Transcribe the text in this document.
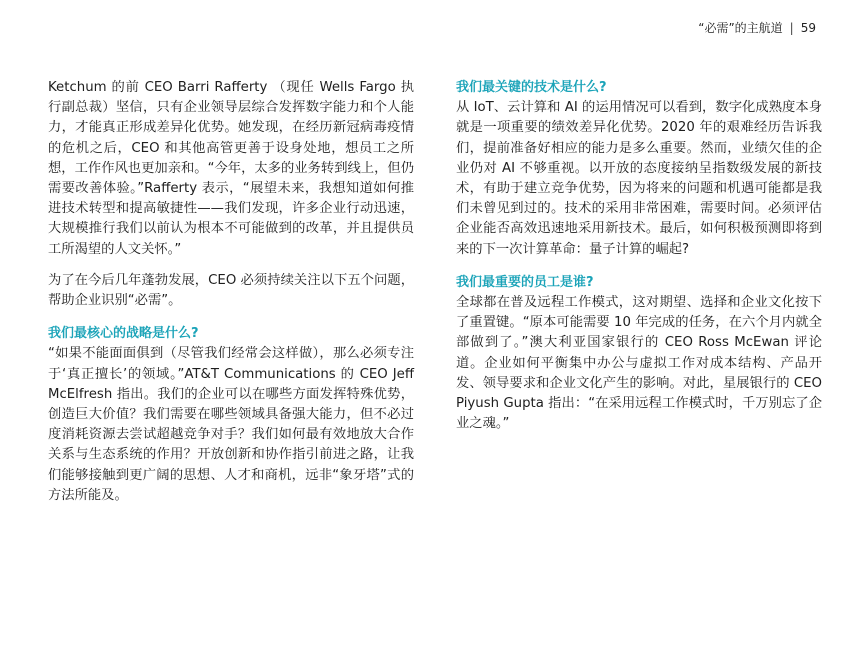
“必需”的主航道 | 59

Ketchum 的前 CEO Barri Rafferty （现任 Wells Fargo 执行副总裁）坚信，只有企业领导层综合发挥数字能力和个人能力，才能真正形成差异化优势。她发现，在经历新冠病毒疫情的危机之后，CEO 和其他高管更善于设身处地，想员工之所想，工作作风也更加亲和。“今年，太多的业务转到线上，但仍需要改善体验。”Rafferty 表示，“展望未来，我想知道如何推进技术转型和提高敏捷性——我们发现，许多企业行动迅速，大规模推行我们以前认为根本不可能做到的改革，并且提供员工所渴望的人文关怀。”

为了在今后几年蓬勃发展，CEO 必须持续关注以下五个问题，帮助企业识别“必需”。

我们最核心的战略是什么?

“如果不能面面俱到（尽管我们经常会这样做），那么必须专注于‘真正擅长’的领域。”AT&T Communications 的 CEO Jeff McElfresh 指出。我们的企业可以在哪些方面发挥特殊优势，创造巨大价值？我们需要在哪些领域具备强大能力，但不必过度消耗资源去尝试超越竞争对手？我们如何最有效地放大合作关系与生态系统的作用？开放创新和协作指引前进之路，让我们能够接触到更广阔的思想、人才和商机，远非“象牙塔”式的方法所能及。

我们最关键的技术是什么?

从 IoT、云计算和 AI 的运用情况可以看到，数字化成熟度本身就是一项重要的绩效差异化优势。2020 年的艰难经历告诉我们，提前准备好相应的能力是多么重要。然而，业绩欠佳的企业仍对 AI 不够重视。以开放的态度接纳呈指数级发展的新技术，有助于建立竞争优势，因为将来的问题和机遇可能都是我们未曾见到过的。技术的采用非常困难，需要时间。必须评估企业能否高效迅速地采用新技术。最后，如何积极预测即将到来的下一次计算革命：量子计算的崛起?

我们最重要的员工是谁?

全球都在普及远程工作模式，这对期望、选择和企业文化按下了重置键。“原本可能需要 10 年完成的任务，在六个月内就全部做到了。”澳大利亚国家银行的 CEO Ross McEwan 评论道。企业如何平衡集中办公与虚拟工作对成本结构、产品开发、领导要求和企业文化产生的影响。对此，星展银行的 CEO Piyush Gupta 指出：“在采用远程工作模式时，千万别忘了企业之魂。”
